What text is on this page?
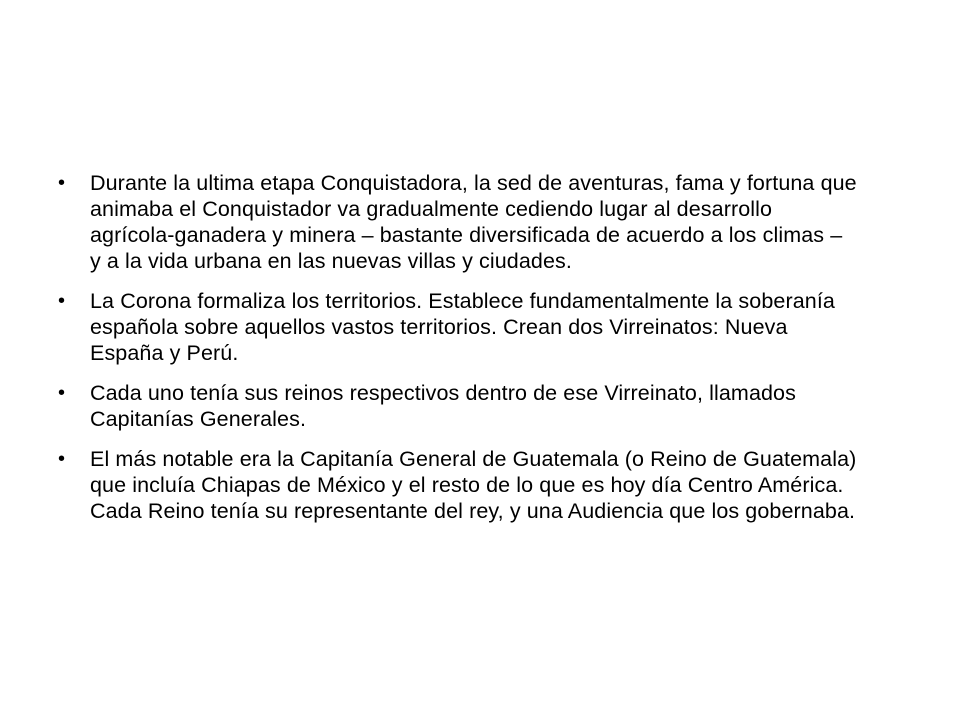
•	Durante la ultima etapa Conquistadora, la sed de aventuras, fama y fortuna que animaba el Conquistador va gradualmente cediendo lugar al desarrollo agrícola-ganadera y minera – bastante diversificada de acuerdo a los climas – y a la vida urbana en las nuevas villas y ciudades.
•	La Corona formaliza los territorios. Establece fundamentalmente la soberanía española sobre aquellos vastos territorios. Crean dos Virreinatos: Nueva España y Perú.
•	Cada uno tenía sus reinos respectivos dentro de ese Virreinato, llamados Capitanías Generales.
•	El más notable era la Capitanía General de Guatemala (o Reino de Guatemala) que incluía Chiapas de México y el resto de lo que es hoy día Centro América. Cada Reino tenía su representante del rey, y una Audiencia que los gobernaba.
